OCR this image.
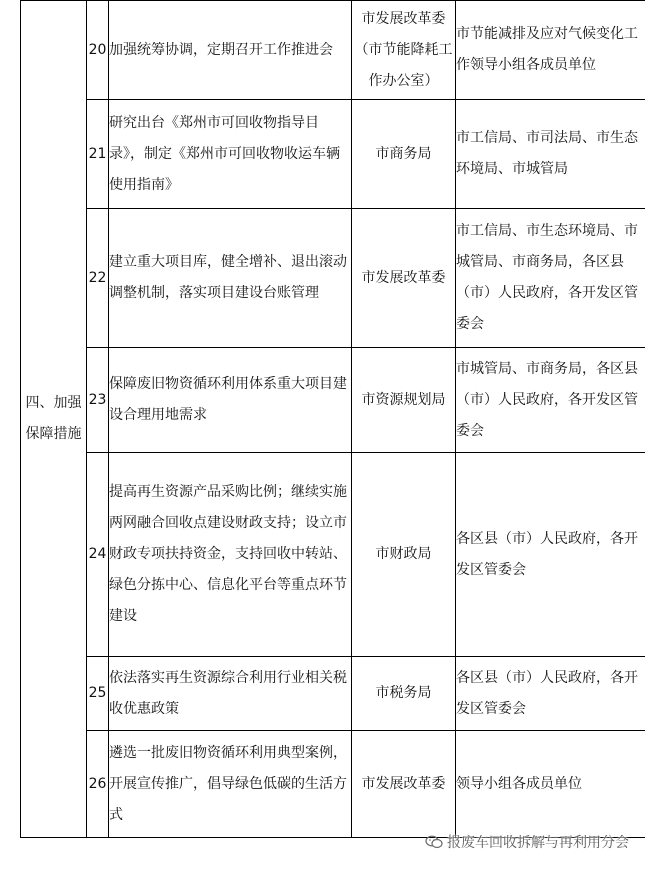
四、加强保障措施	20	加强统筹协调，定期召开工作推进会	市发展改革委（市节能降耗工作办公室）	市节能减排及应对气候变化工作领导小组各成员单位
	21	研究出台《郑州市可回收物指导目录》，制定《郑州市可回收物收运车辆使用指南》	市商务局	市工信局、市司法局、市生态环境局、市城管局
	22	建立重大项目库，健全增补、退出滚动调整机制，落实项目建设台账管理	市发展改革委	市工信局、市生态环境局、市城管局、市商务局，各区县（市）人民政府，各开发区管委会
	23	保障废旧物资循环利用体系重大项目建设合理用地需求	市资源规划局	市城管局、市商务局，各区县（市）人民政府，各开发区管委会
	24	提高再生资源产品采购比例；继续实施两网融合回收点建设财政支持；设立市财政专项扶持资金，支持回收中转站、绿色分拣中心、信息化平台等重点环节建设	市财政局	各区县（市）人民政府，各开发区管委会
	25	依法落实再生资源综合利用行业相关税收优惠政策	市税务局	各区县（市）人民政府，各开发区管委会
	26	遴选一批废旧物资循环利用典型案例，开展宣传推广，倡导绿色低碳的生活方式	市发展改革委	领导小组各成员单位
报废车回收拆解与再利用分会
